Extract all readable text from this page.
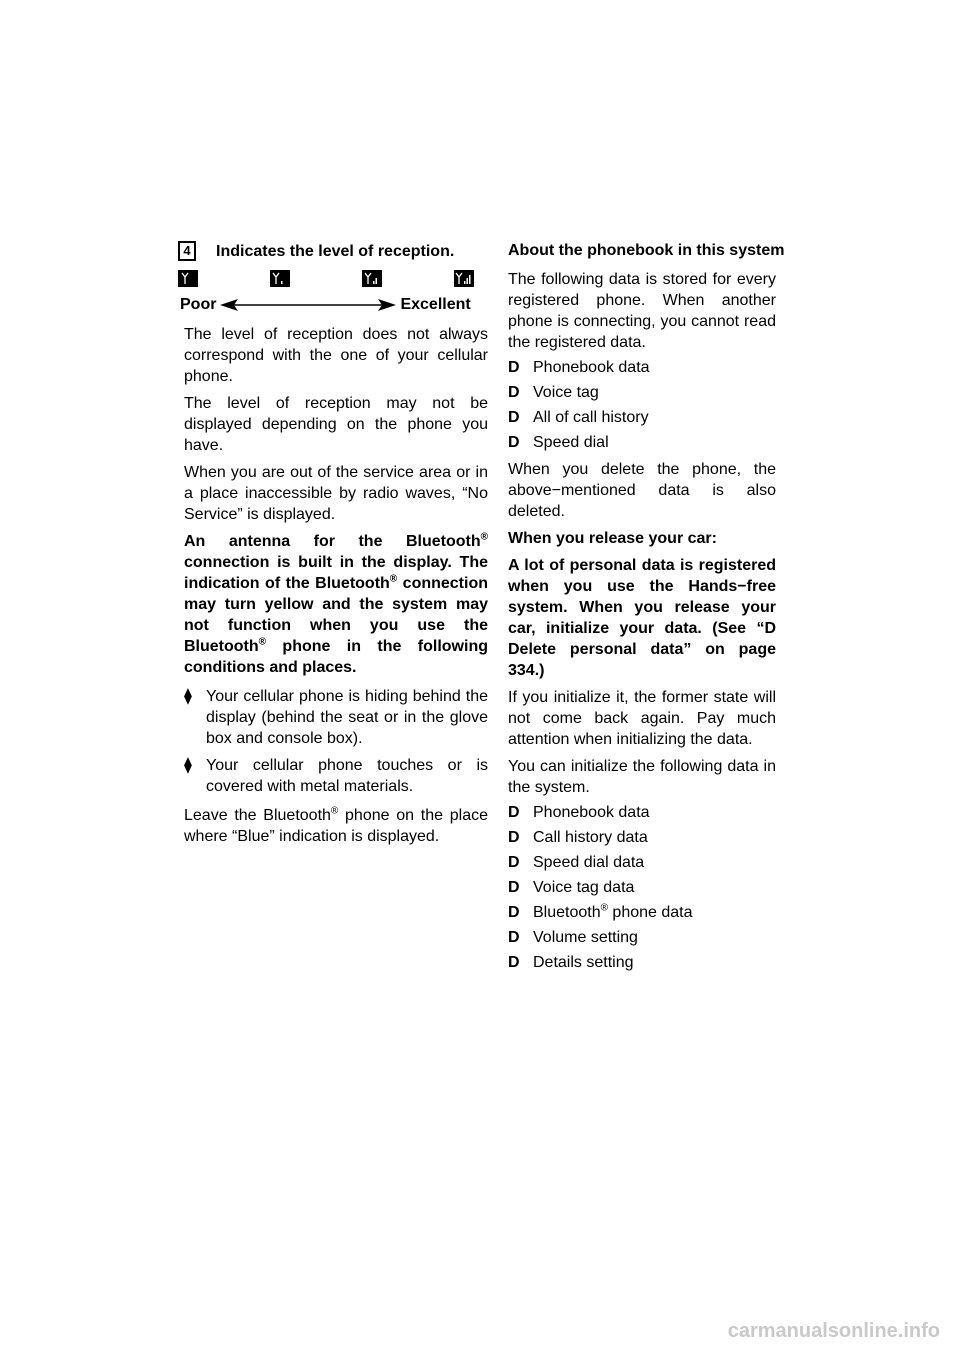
4	Indicates the level of reception.
Poor	Excellent

The level of reception does not always correspond with the one of your cellular phone.

The level of reception may not be displayed depending on the phone you have.

When you are out of the service area or in a place inaccessible by radio waves, “No Service” is displayed.

An antenna for the Bluetooth® connection is built in the display. The indication of the Bluetooth® connection may turn yellow and the system may not function when you use the Bluetooth® phone in the following conditions and places.

⧫ Your cellular phone is hiding behind the display (behind the seat or in the glove box and console box).
⧫ Your cellular phone touches or is covered with metal materials.

Leave the Bluetooth® phone on the place where “Blue” indication is displayed.

About the phonebook in this system

The following data is stored for every registered phone. When another phone is connecting, you cannot read the registered data.

D Phonebook data
D Voice tag
D All of call history
D Speed dial

When you delete the phone, the above−mentioned data is also deleted.

When you release your car:

A lot of personal data is registered when you use the Hands−free system. When you release your car, initialize your data. (See “D Delete personal data” on page 334.)

If you initialize it, the former state will not come back again. Pay much attention when initializing the data.

You can initialize the following data in the system.

D Phonebook data
D Call history data
D Speed dial data
D Voice tag data
D Bluetooth® phone data
D Volume setting
D Details setting
carmanualsonline.info
